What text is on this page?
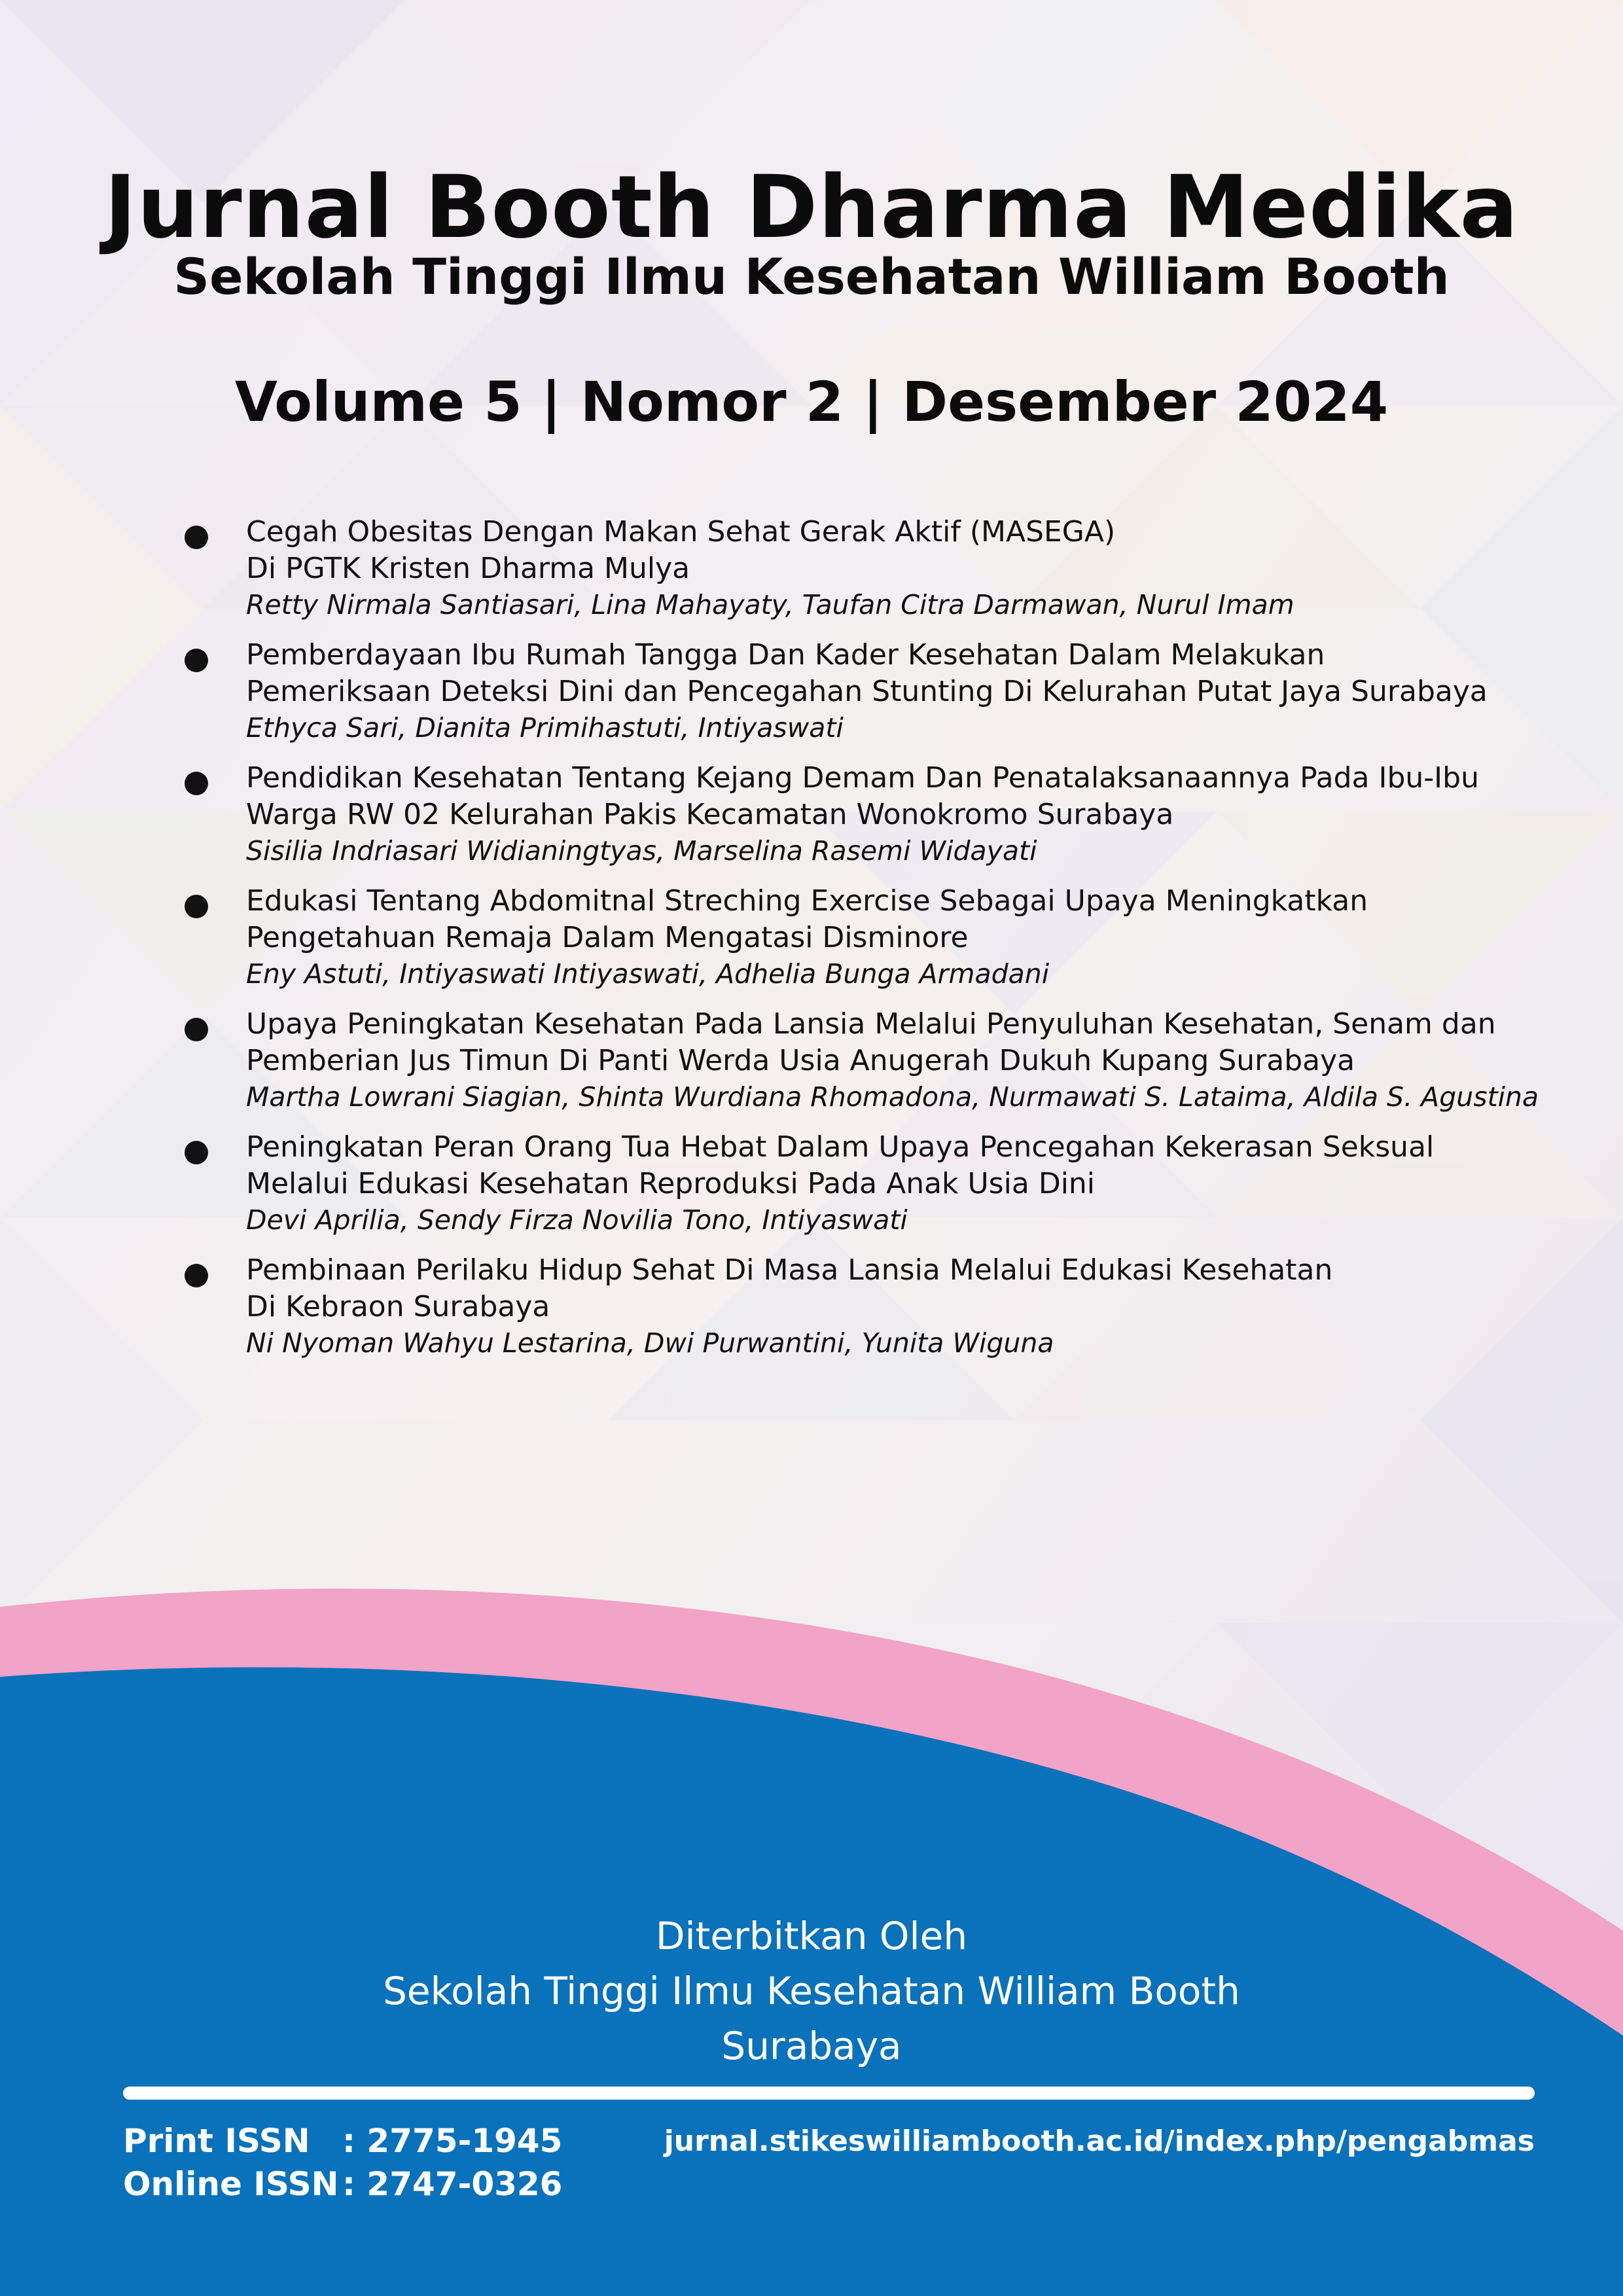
Jurnal Booth Dharma Medika
Sekolah Tinggi Ilmu Kesehatan William Booth
Volume 5 | Nomor 2 | Desember 2024
Cegah Obesitas Dengan Makan Sehat Gerak Aktif (MASEGA)
Di PGTK Kristen Dharma Mulya
Retty Nirmala Santiasari, Lina Mahayaty, Taufan Citra Darmawan, Nurul Imam
Pemberdayaan Ibu Rumah Tangga Dan Kader Kesehatan Dalam Melakukan
Pemeriksaan Deteksi Dini dan Pencegahan Stunting Di Kelurahan Putat Jaya Surabaya
Ethyca Sari, Dianita Primihastuti, Intiyaswati
Pendidikan Kesehatan Tentang Kejang Demam Dan Penatalaksanaannya Pada Ibu-Ibu
Warga RW 02 Kelurahan Pakis Kecamatan Wonokromo Surabaya
Sisilia Indriasari Widianingtyas, Marselina Rasemi Widayati
Edukasi Tentang Abdomitnal Streching Exercise Sebagai Upaya Meningkatkan
Pengetahuan Remaja Dalam Mengatasi Disminore
Eny Astuti, Intiyaswati Intiyaswati, Adhelia Bunga Armadani
Upaya Peningkatan Kesehatan Pada Lansia Melalui Penyuluhan Kesehatan, Senam dan
Pemberian Jus Timun Di Panti Werda Usia Anugerah Dukuh Kupang Surabaya
Martha Lowrani Siagian, Shinta Wurdiana Rhomadona, Nurmawati S. Lataima, Aldila S. Agustina
Peningkatan Peran Orang Tua Hebat Dalam Upaya Pencegahan Kekerasan Seksual
Melalui Edukasi Kesehatan Reproduksi Pada Anak Usia Dini
Devi Aprilia, Sendy Firza Novilia Tono, Intiyaswati
Pembinaan Perilaku Hidup Sehat Di Masa Lansia Melalui Edukasi Kesehatan
Di Kebraon Surabaya
Ni Nyoman Wahyu Lestarina, Dwi Purwantini, Yunita Wiguna
Diterbitkan Oleh
Sekolah Tinggi Ilmu Kesehatan William Booth
Surabaya
Print ISSN : 2775-1945
Online ISSN : 2747-0326
jurnal.stikeswilliambooth.ac.id/index.php/pengabmas
